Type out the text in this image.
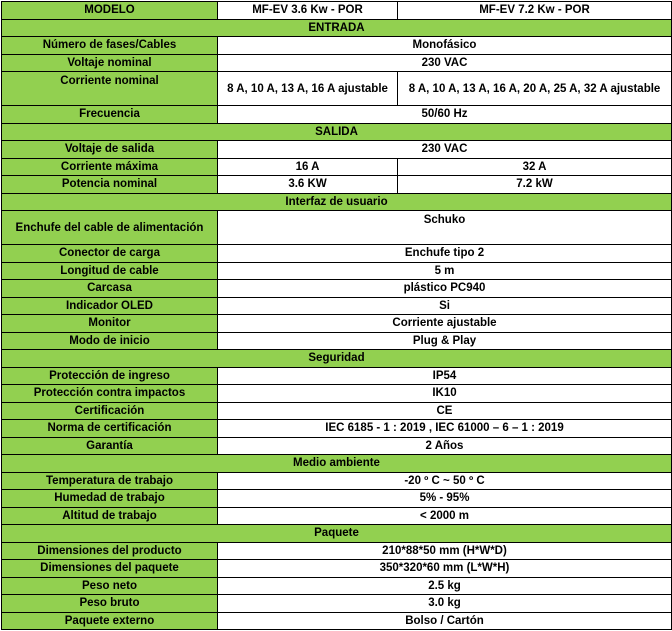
MODELO	MF-EV 3.6 Kw - POR	MF-EV 7.2 Kw - POR
ENTRADA		
Número de fases/Cables	Monofásico	
Voltaje nominal	230 VAC	
Corriente nominal	8 A, 10 A, 13 A, 16 A ajustable	8 A, 10 A, 13 A, 16 A, 20 A, 25 A, 32 A ajustable
Frecuencia	50/60 Hz	
SALIDA		
Voltaje de salida	230 VAC	
Corriente máxima	16 A	32 A
Potencia nominal	3.6 KW	7.2 kW
Interfaz de usuario		
Enchufe del cable de alimentación	Schuko	
Conector de carga	Enchufe tipo 2	
Longitud de cable	5 m	
Carcasa	plástico PC940	
Indicador OLED	Si	
Monitor	Corriente ajustable	
Modo de inicio	Plug & Play	
Seguridad		
Protección de ingreso	IP54	
Protección contra impactos	IK10	
Certificación	CE	
Norma de certificación	IEC 6185 - 1 : 2019 , IEC 61000 – 6 – 1 : 2019	
Garantía	2 Años	
Medio ambiente		
Temperatura de trabajo	-20 º C ~ 50 º C	
Humedad de trabajo	5% - 95%	
Altitud de trabajo	< 2000 m	
Paquete		
Dimensiones del producto	210*88*50 mm (H*W*D)	
Dimensiones del paquete	350*320*60 mm (L*W*H)	
Peso neto	2.5 kg	
Peso bruto	3.0 kg	
Paquete externo	Bolso / Cartón	
